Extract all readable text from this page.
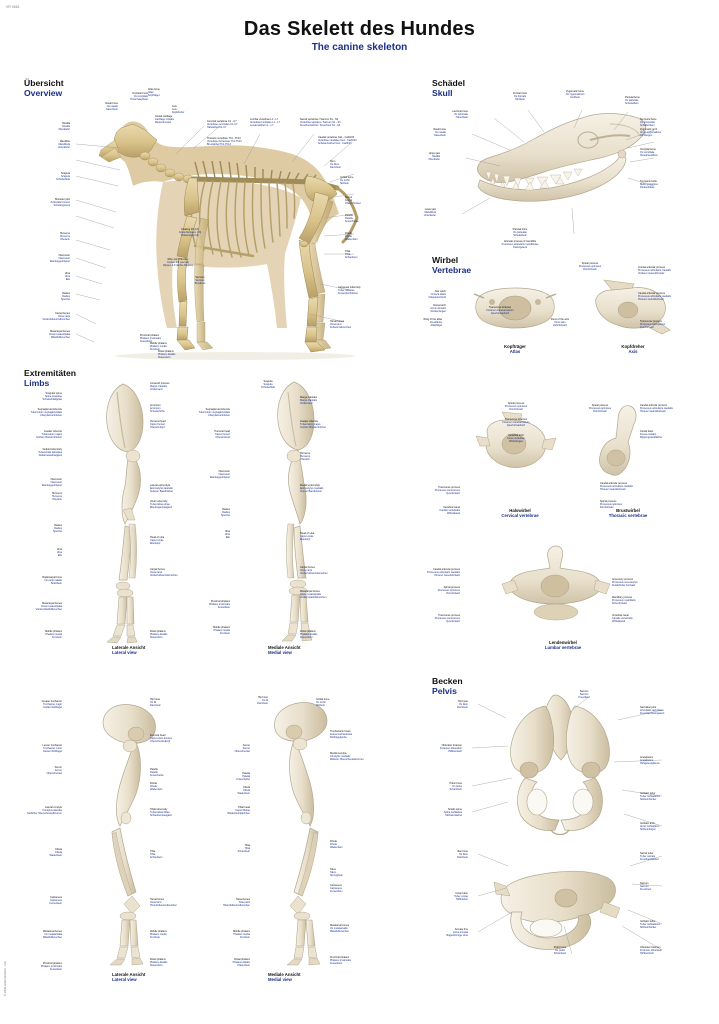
VR 0661
Das Skelett des Hundes
The canine skeleton
© 2011 Erler-Zimmer · ruh
Übersicht
Overview
Schädel
Skull
Wirbel
Vertebrae
Extremitäten
Limbs
Becken
Pelvis
Kopfträger
Atlas
Kopfdreher
Axis
Halswirbel
Cervical vertebrae
Brustwirbel
Thoracic vertebrae
Lendenwirbel
Lumbar vertebrae
Laterale Ansicht
Lateral view
Mediale Ansicht
Medial view
Laterale Ansicht
Lateral view
Mediale Ansicht
Medial view
Occipital bone
Os occipitale
Hinterhauptbein
Atlas bone
Atlas
Kopfträger
Axis
Axis
Kopfdreher
Cervical vertebrae C1 - C7
Vertebrae cervicales C1-C7
Halswirbel C1-C7
Thoracic vertebrae Th1 - Th13
Vertebrae thoracicae Th1-Th13
Brustwirbel Th1-Th13
Lumbar vertebrae L1 - L7
Vertebrae lumbales L1 - L7
Lendenwirbel L1 - L7
Sacral vertebrae / Sacrum S1 - S3
Vertebrae sacrales / Sacrum S1 - S3
Kreuzbeinwirbel / Kreuzbein S1 - S3
Caudal vertebrae Ca1 - Ca20/23
Vertebrae caudales Ca1 - Ca20/23
Schwanzwirbel Ca1 - Ca20/23
Ilium
Os ilium
Darmbein
Ischial bone
Os ischii
Sitzbein
Femur
Femur
Oberschenkel
Patella
Patella
Kniescheibe
Fibula
Fibula
Wadenbein
Tibia
Tibia
Schienbein
Calcaneal tuberosity
Tuber calcanei
Fersenbeinhöcker
Tarsal bones
Ossa tarsi
Fußwurzelknochen
Mandible
Mandibula
Unterkiefer
Scapula
Scapula
Schulterblatt
Shoulder joint
Articulatio humeri
Schultergelenk
Humerus
Humerus
Oberarm
Olecranon
Olecranon
Ellenbogenhöcker
Ulna
Ulna
Elle
Radius
Radius
Speiche
Carpal bones
Ossa carpi
Vorderfußwurzelknochen
Metacarpal bones
Ossa metacarpalia
Mittelfußknochen
Proximal phalanx
Phalanx proximalis
Fesselbein
Middle phalanx
Phalanx media
Kronbein
Distal phalanx
Phalanx distalis
Klauenbein
Floating rib (13)
Costa fluctuans (13)
Flatterrippe (13)
Ribs 1-9 (true ribs)
Costae 1-9 (sternal)
Rippen 1-9 (Echte Rippen)
Costal cartilage
Cartilago costalis
Rippenknorpel
Nasal bone
Os nasale
Nasenbein
Maxilla
Maxilla
Oberkiefer
Sternum
Sternum
Brustbein
Frontal bone
Os frontale
Stirnbein
Zygomatic bone
Os zygomaticum
Jochbein	Parietal bone
Os parietale
Scheitelbein
Lacrimal bone
Os lacrimale
Tränenbein
Temporal bone
Os temporale
Schläfenbein
Zygomatic arch
Arcus zygomaticus
Jochbogen
Nasal bone
Os nasale
Nasenbein
Occipital bone
Os occipitale
Hinterhauptbein
Upper jaw
Maxilla
Oberkiefer
Tympanic bulla
Bulla tympanica
Paukenblase
Lower jaw
Mandibula
Unterkiefer
Parietal bone
Os parietale
Scheitelbein
Articular process of mandible
Processus articularis mandibulae
Kiefergelenk
Alar notch
Incisura alaris
Flügeleinschnitt
Wing of the atlas
Ala atlantis
Atlasflügel
Dorsal arch
Arcus dorsalis
Rückenbogen
Spinal process
Processus spinosus
Dornfortsatz
Cranial articular process
Processus articularis cranialis
Vorderer Gelenkfortsatz
Caudal articular process
Processus articularis caudalis
Hinterer Gelenkfortsatz
Transverse foramen
Foramen transversarium
Querfortsatzloch
Dens of the axis
Dens axis
Zahnfortsatz
Transverse process
Processus transversus
Querfortsatz
Spinal process
Processus spinosus
Dornfortsatz
Transverse foramen
Foramen transversarium
Querfortsatzloch
Vertebral arch
Arcus vertebrae
Wirbelbogen
Spinal process
Processus spinosus
Dornfortsatz
Costal facet
Fovea costalis
Rippengelenkfläche
Caudal articular process
Processus articularis caudalis
Hinterer Gelenkfortsatz
Transverse process
Processus transversus
Querfortsatz
Vertebral canal
Canalis vertebralis
Wirbelkanal
Caudal articular process
Processus articularis caudalis
Hinterer Gelenkfortsatz
Spinal process
Processus spinosus
Dornfortsatz
Caudal articular process
Processus articularis caudalis
Hinterer Gelenkfortsatz
Spinal process
Processus spinosus
Dornfortsatz
Accessory process
Processus accessorius
Zusätzlicher Fortsatz
Transverse process
Processus transversus
Querfortsatz
Vertebral canal
Canalis vertebralis
Wirbelkanal
Mamillary process
Processus mamillaris
Zitzenfortsatz
Coracoid process
Margo cranialis
Vorderrand
Supraglenoid tubercle
Tuberculum supraglenoidale
Überpfannenhöcker
Scapular spine
Spina scapulae
Schulterblattgräte
Acromion
Acromion
Schulterhöhe
Humeral head
Caput humeri
Oberarmkopf
Greater tubercle
Tuberculum majus
Großer Oberarmhöcker
Deltoid tuberosity
Tuberositas deltoidea
Deltamuskelrauigkeit
Humerus
Humerus
Oberarm
Olecranon
Olecranon
Ellenbogenhöcker	Lateral epicondyle
Epicondylus lateralis
Außerer Bandhöcker
Ulnar tuberosity
Tuberositas ulnae
Ellenbogenrauigkeit
Radius
Radius
Speiche
Ulna
Ulna
Elle
Head of ulna
Caput ulnae
Ellenkopf
Radiocarpal bone
Os carpi radiale
Strahlbein
Carpal bones
Ossa carpi
Vorderfußwurzelknochen
Metacarpal bones
Ossa metacarpalia
Vordermittelfußknochen
Middle phalanx
Phalanx media
Kronbein
Distal phalanx
Phalanx distalis
Klauenbein
Scapula
Scapula
Schulterblatt
Margo cranialis
Margo cranialis
Vorderrand
Supraglenoid tubercle
Tuberculum supraglenoidale
Überpfannenhöcker
Greater tubercle
Tuberculum majus
Großer Oberarmhöcker
Humeral head
Caput humeri
Oberarmkopf
Humerus
Humerus
Oberarm
Olecranon
Olecranon
Ellenbogenhöcker
Medial epicondyle
Epicondylus medialis
Innerer Bandhöcker
Radius
Radius
Speiche
Ulna
Ulna
Elle
Head of ulna
Caput ulnae
Ellenkopf
Carpal bones
Ossa carpi
Vorderfußwurzelknochen
Metacarpal bones
Ossa metacarpalia
Vordermittelfußknochen
Proximal phalanx
Phalanx proximalis
Fesselbein
Middle phalanx
Phalanx media
Kronbein
Distal phalanx
Phalanx distalis
Klauenbein
Greater trochanter
Trochanter major
Großer Rollhügel
Lesser trochanter
Trochanter minor
Kleiner Rollhügel
Femoral head
Caput ossis femoris
Oberschenkelkopf
Hip bone
Os ilii
Darmbein
Femur
Femur
Oberschenkel
Patella
Patella
Kniescheibe
Fibula
Fibula
Wadenbein
Lateral condyle
Condylus lateralis
Seitlicher Oberschenkelknorren
Tibial tuberosity
Tuberositas tibiae
Schienbeinrauigkeit
Tibia
Tibia
Schienbein
Fibula
Fibula
Wadenbein
Calcaneus
Calcaneus
Fersenbein
Tarsal bones
Ossa tarsi
Hinterfußwurzelknochen
Metatarsal bones
Os metatarsalia
Mittelfußknochen
Middle phalanx
Phalanx media
Kronbein
Proximal phalanx
Phalanx proximalis
Fesselbein
Distal phalanx
Phalanx distalis
Klauenbein
Hip bone
Os ilii
Darmbein
Ischial bone
Os ischii
Sitzbein
Trochanteric fossa
Fossa trochanterica
Rollhügelgrube
Femur
Femur
Oberschenkel
Medial condyle
Condylus medialis
Mittlerer Oberschenkelknorren
Patella
Patella
Kniescheibe
Fibula
Fibula
Wadenbein
Tibial head
Caput fibulae
Wadenbeinköpfchen
Tibia
Tibia
Schienbein
Fibula
Fibula
Wadenbein
Talus
Talus
Sprungbein
Calcaneus
Calcaneus
Fersenbein
Tarsal bones
Ossa tarsi
Hinterfußwurzelknochen
Metatarsal bones
Os metatarsalia
Mittelfußknochen
Middle phalanx
Phalanx media
Kronbein
Proximal phalanx
Phalanx proximalis
Fesselbein
Distal phalanx
Phalanx distalis
Klauenbein
Hip bone
Os ilium
Darmbein
Sacrum
Sacrum
Kreuzbein
Sacroiliac joint
Articulatio sacroiliaca
Kreuzdarmbeingelenk
Obturator foramen
Foramen obturatum
Hüftbeinloch
Acetabulum
Acetabulum
Hüftgelenkpfanne
Pubic bone
Os pubis
Schambein
Sciatic spine
Spina ischiadica
Sitzbeinstachel
Ischiatic tuber
Tuber ischiadicum
Sitzbeinhöcker
Ischiatic arch
Arcus ischiadicus
Sitzbeinbogen
Iliac bone
Os ilium
Darmbein
Sacral tuber
Tuber sacrale
Kreuzbeinhöcker
Coxal tuber
Tuber coxae
Hüfthöcker
Sacrum
Sacrum
Kreuzbein
Arcuate line
Linea arcuata
Bogenförmige Linie
Ischiatic tuber
Tuber ischiadicum
Sitzbeinhöcker
Pubic bone
Os pubis
Schambein
Obturator foramen
Foramen obturatum
Hüftbeinloch
